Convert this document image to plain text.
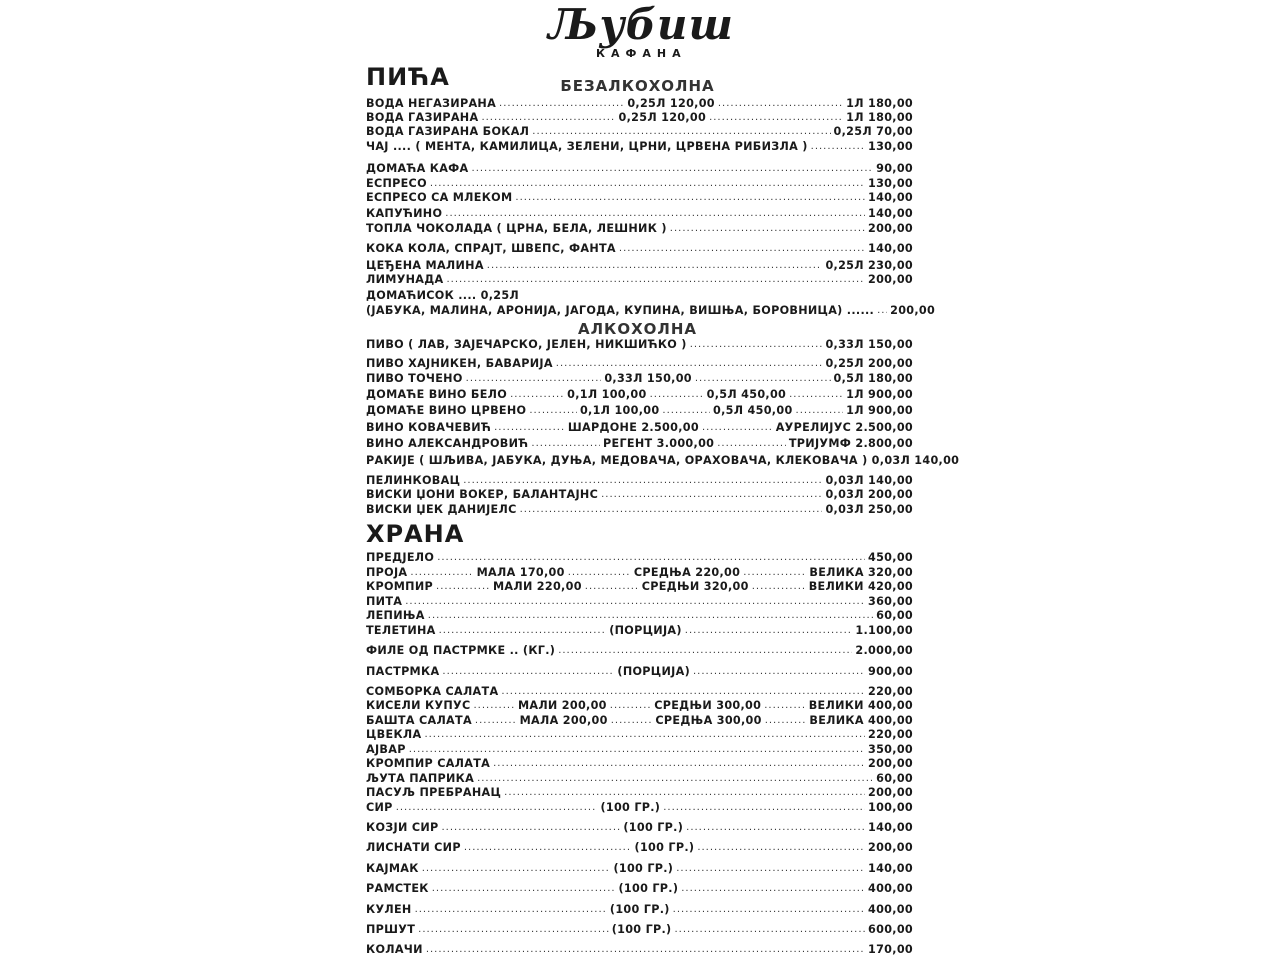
Љубиш
КАФАНА
ПИЋА	БЕЗАЛКОХОЛНА
АЛКОХОЛНА
ВОДА НЕГАЗИРАНА .....	0,25Л 120,00 .....	1Л 180,00
ВОДА ГАЗИРАНА .....	0,25Л 120,00 .....	1Л 180,00
ВОДА ГАЗИРАНА БОКАЛ .....	0,25Л 70,00
ЧАЈ .... ( МЕНТА, КАМИЛИЦА, ЗЕЛЕНИ, ЦРНИ, ЦРВЕНА РИБИЗЛА ) .....	130,00
ДОМАЋА КАФА .....	90,00
ЕСПРЕСО .....	130,00
ЕСПРЕСО СА МЛЕКОМ .....	140,00
КАПУЋИНО .....	140,00
ТОПЛА ЧОКОЛАДА ( ЦРНА, БЕЛА, ЛЕШНИК ) .....	200,00
КОКА КОЛА, СПРАЈТ, ШВЕПС, ФАНТА .....	140,00
ЦЕЂЕНА МАЛИНА .....	0,25Л 230,00
ЛИМУНАДА .....	200,00
ДОМАЋИСОК .... 0,25Л
(ЈАБУКА, МАЛИНА, АРОНИЈА, ЈАГОДА, КУПИНА, ВИШЊА, БОРОВНИЦА) ...... ..... 200,00
ПИВО ( ЛАВ, ЗАЈЕЧАРСКО, ЈЕЛЕН, НИКШИЋКО ) .....	0,33Л 150,00
ПИВО ХАЈНИКЕН, БАВАРИЈА .....	0,25Л 200,00
ПИВО ТОЧЕНО .....	0,33Л 150,00 .....	0,5Л 180,00
ДОМАЋЕ ВИНО БЕЛО .....	0,1Л 100,00 .....	0,5Л 450,00 .....	1Л 900,00
ДОМАЋЕ ВИНО ЦРВЕНО .....	0,1Л 100,00 .....	0,5Л 450,00 .....	1Л 900,00
ВИНО КОВАЧЕВИЋ .....	ШАРДОНЕ 2.500,00 .....	АУРЕЛИЈУС 2.500,00
ВИНО АЛЕКСАНДРОВИЋ .....	РЕГЕНТ 3.000,00 .....	ТРИЈУМФ 2.800,00
РАКИЈЕ ( ШЉИВА, ЈАБУКА, ДУЊА, МЕДОВАЧА, ОРАХОВАЧА, КЛЕКОВАЧА ) 0,03Л 140,00
ПЕЛИНКОВАЦ .....	0,03Л 140,00
ВИСКИ ЏОНИ ВОКЕР, БАЛАНТАЈНС .....	0,03Л 200,00
ВИСКИ ЏЕК ДАНИЈЕЛС .....	0,03Л 250,00
ХРАНА
ПРЕДЈЕЛО .....	450,00
ПРОЈА .....	МАЛА 170,00 .....	СРЕДЊА 220,00 .....	ВЕЛИКА 320,00
КРОМПИР .....	МАЛИ 220,00 .....	СРЕДЊИ 320,00 .....	ВЕЛИКИ 420,00
ПИТА .....	360,00
ЛЕПИЊА .....	60,00
ТЕЛЕТИНА .....	(ПОРЦИЈА) .....	1.100,00
ФИЛЕ ОД ПАСТРМКЕ .. (КГ.) .....	2.000,00
ПАСТРМКА .....	(ПОРЦИЈА) .....	900,00
СОМБОРКА САЛАТА .....	220,00
КИСЕЛИ КУПУС .....	МАЛИ 200,00 .....	СРЕДЊИ 300,00 .....	ВЕЛИКИ 400,00
БАШТА САЛАТА .....	МАЛА 200,00 .....	СРЕДЊА 300,00 .....	ВЕЛИКА 400,00
ЦВЕКЛА .....	220,00
АЈВАР .....	350,00
КРОМПИР САЛАТА .....	200,00
ЉУТА ПАПРИКА .....	60,00
ПАСУЉ ПРЕБРАНАЦ .....	200,00
СИР .....	(100 ГР.) .....	100,00
КОЗЈИ СИР .....	(100 ГР.) .....	140,00
ЛИСНАТИ СИР .....	(100 ГР.) .....	200,00
КАЈМАК .....	(100 ГР.) .....	140,00
РАМСТЕК .....	(100 ГР.) .....	400,00
КУЛЕН .....	(100 ГР.) .....	400,00
ПРШУТ .....	(100 ГР.) .....	600,00
КОЛАЧИ .....	170,00
